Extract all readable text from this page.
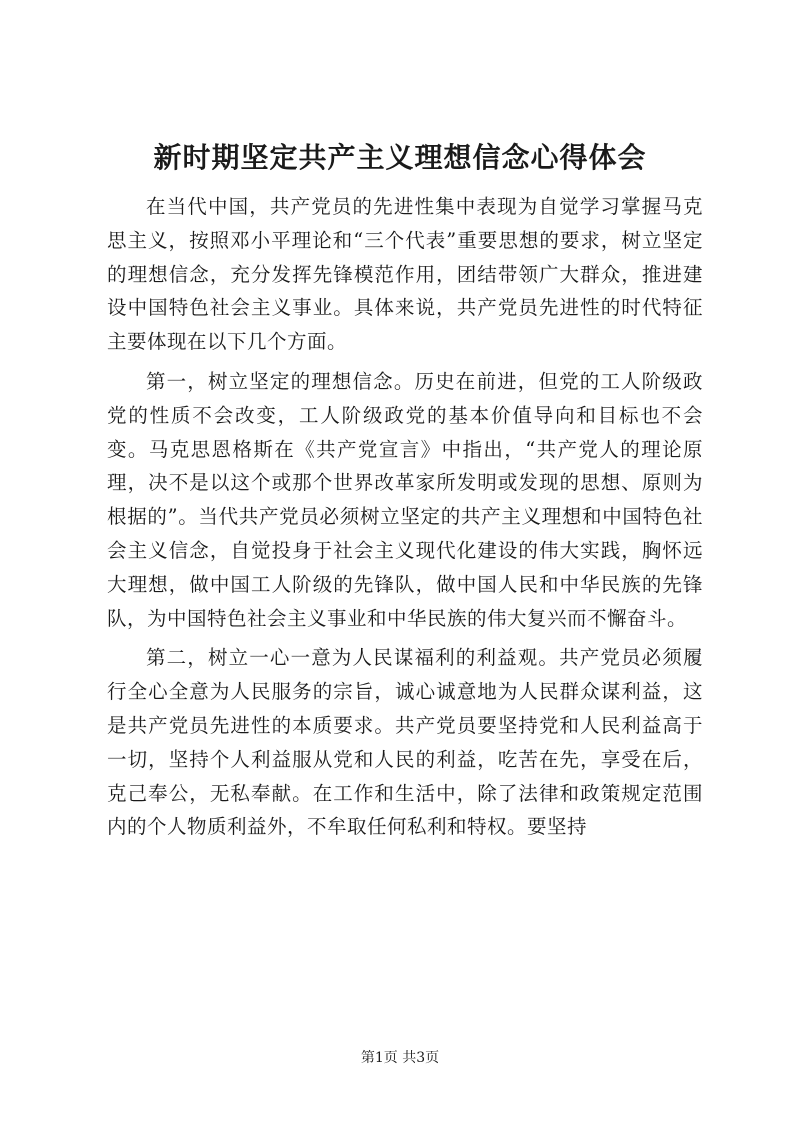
新时期坚定共产主义理想信念心得体会

在当代中国，共产党员的先进性集中表现为自觉学习掌握马克思主义，按照邓小平理论和“三个代表”重要思想的要求，树立坚定的理想信念，充分发挥先锋模范作用，团结带领广大群众，推进建设中国特色社会主义事业。具体来说，共产党员先进性的时代特征主要体现在以下几个方面。

第一，树立坚定的理想信念。历史在前进，但党的工人阶级政党的性质不会改变，工人阶级政党的基本价值导向和目标也不会变。马克思恩格斯在《共产党宣言》中指出，“共产党人的理论原理，决不是以这个或那个世界改革家所发明或发现的思想、原则为根据的”。当代共产党员必须树立坚定的共产主义理想和中国特色社会主义信念，自觉投身于社会主义现代化建设的伟大实践，胸怀远大理想，做中国工人阶级的先锋队，做中国人民和中华民族的先锋队，为中国特色社会主义事业和中华民族的伟大复兴而不懈奋斗。

第二，树立一心一意为人民谋福利的利益观。共产党员必须履行全心全意为人民服务的宗旨，诚心诚意地为人民群众谋利益，这是共产党员先进性的本质要求。共产党员要坚持党和人民利益高于一切，坚持个人利益服从党和人民的利益，吃苦在先，享受在后，克己奉公，无私奉献。在工作和生活中，除了法律和政策规定范围内的个人物质利益外，不牟取任何私利和特权。要坚持

第1页 共3页
